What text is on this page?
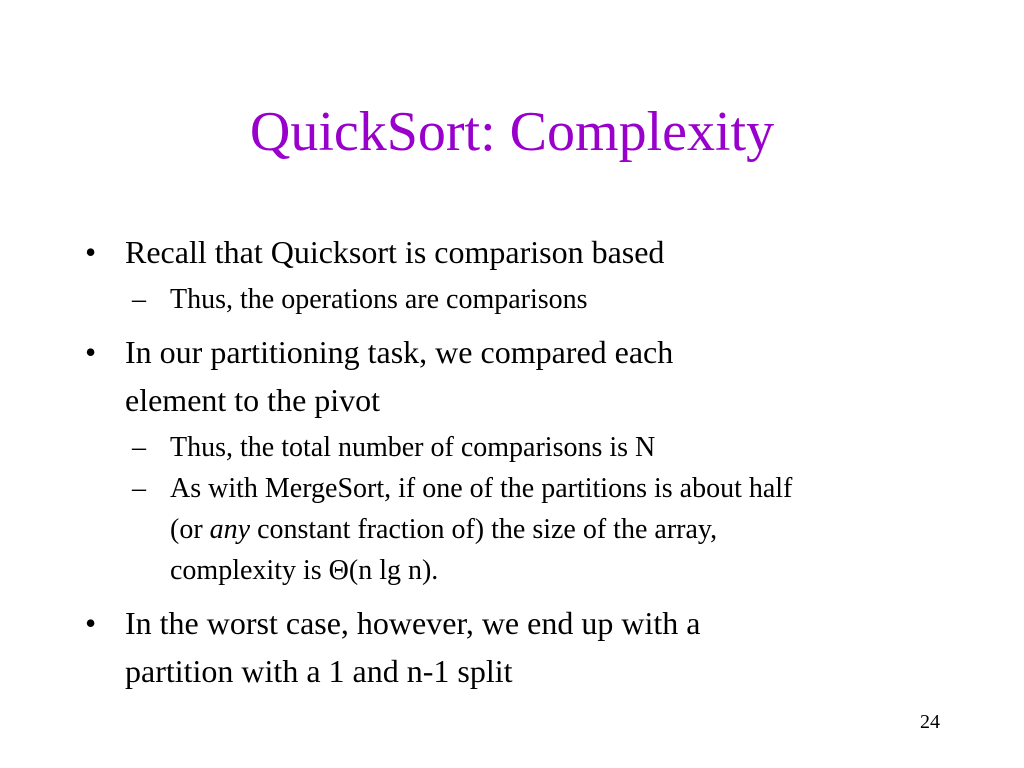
QuickSort: Complexity
• Recall that Quicksort is comparison based
– Thus, the operations are comparisons
• In our partitioning task, we compared each
element to the pivot
– Thus, the total number of comparisons is N
– As with MergeSort, if one of the partitions is about half
(or any constant fraction of) the size of the array,
complexity is Θ(n lg n).
• In the worst case, however, we end up with a
partition with a 1 and n-1 split
24
